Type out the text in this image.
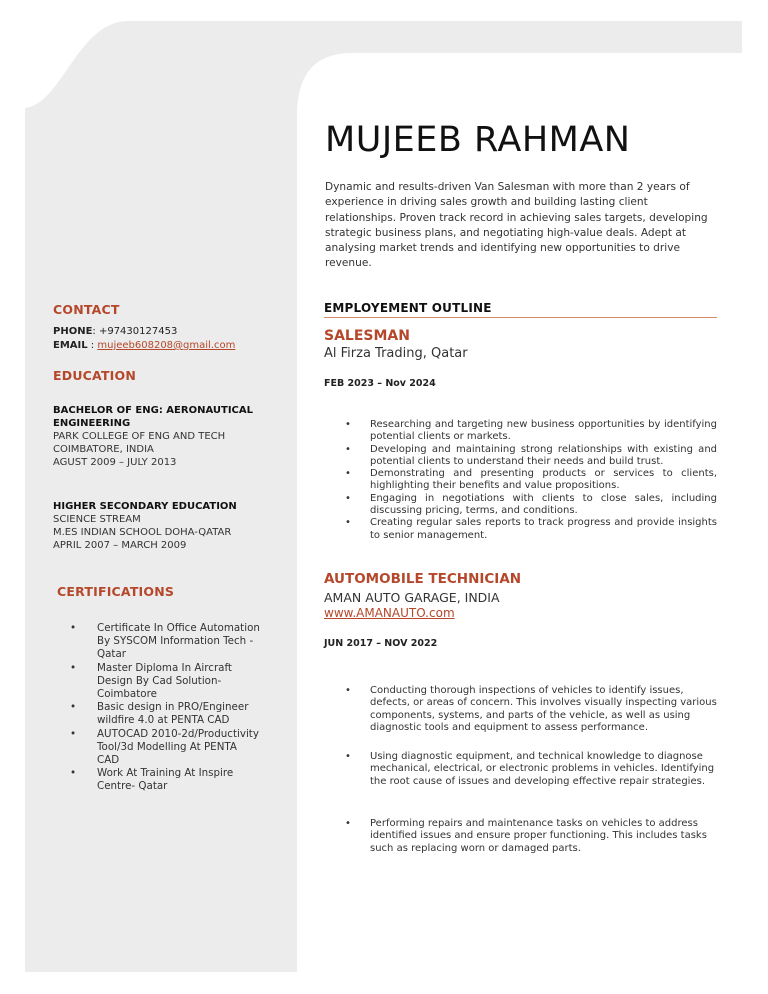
MUJEEB RAHMAN
Dynamic and results-driven Van Salesman with more than 2 years of experience in driving sales growth and building lasting client relationships. Proven track record in achieving sales targets, developing strategic business plans, and negotiating high-value deals. Adept at analysing market trends and identifying new opportunities to drive revenue.
CONTACT
PHONE: +97430127453
EMAIL : mujeeb608208@gmail.com
EDUCATION
BACHELOR OF ENG: AERONAUTICAL ENGINEERING
PARK COLLEGE OF ENG AND TECH
COIMBATORE, INDIA
AGUST 2009 – JULY 2013
HIGHER SECONDARY EDUCATION
SCIENCE STREAM
M.ES INDIAN SCHOOL DOHA-QATAR
APRIL 2007 – MARCH 2009
CERTIFICATIONS
• Certificate In Office Automation By SYSCOM Information Tech -Qatar
• Master Diploma In Aircraft Design By Cad Solution-Coimbatore
• Basic design in PRO/Engineer wildfire 4.0 at PENTA CAD
• AUTOCAD 2010-2d/Productivity Tool/3d Modelling At PENTA CAD
• Work At Training At Inspire Centre- Qatar
EMPLOYEMENT OUTLINE
SALESMAN
Al Firza Trading, Qatar
FEB 2023 – Nov 2024
• Researching and targeting new business opportunities by identifying potential clients or markets.
• Developing and maintaining strong relationships with existing and potential clients to understand their needs and build trust.
• Demonstrating and presenting products or services to clients, highlighting their benefits and value propositions.
• Engaging in negotiations with clients to close sales, including discussing pricing, terms, and conditions.
• Creating regular sales reports to track progress and provide insights to senior management.
AUTOMOBILE TECHNICIAN
AMAN AUTO GARAGE, INDIA
www.AMANAUTO.com
JUN 2017 – NOV 2022
• Conducting thorough inspections of vehicles to identify issues, defects, or areas of concern. This involves visually inspecting various components, systems, and parts of the vehicle, as well as using diagnostic tools and equipment to assess performance.
• Using diagnostic equipment, and technical knowledge to diagnose mechanical, electrical, or electronic problems in vehicles. Identifying the root cause of issues and developing effective repair strategies.
• Performing repairs and maintenance tasks on vehicles to address identified issues and ensure proper functioning. This includes tasks such as replacing worn or damaged parts.
